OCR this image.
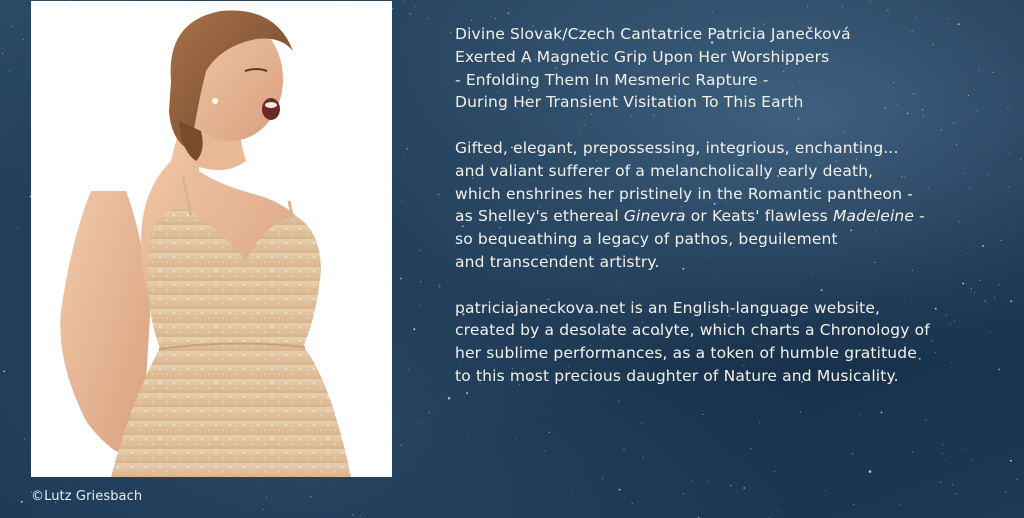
©Lutz Griesbach

Divine Slovak/Czech Cantatrice Patricia Janečková
Exerted A Magnetic Grip Upon Her Worshippers
- Enfolding Them In Mesmeric Rapture -
During Her Transient Visitation To This Earth

Gifted, elegant, prepossessing, integrious, enchanting...
and valiant sufferer of a melancholically early death,
which enshrines her pristinely in the Romantic pantheon -
as Shelley's ethereal Ginevra or Keats' flawless Madeleine -
so bequeathing a legacy of pathos, beguilement
and transcendent artistry.

patriciajaneckova.net is an English-language website,
created by a desolate acolyte, which charts a Chronology of
her sublime performances, as a token of humble gratitude
to this most precious daughter of Nature and Musicality.
